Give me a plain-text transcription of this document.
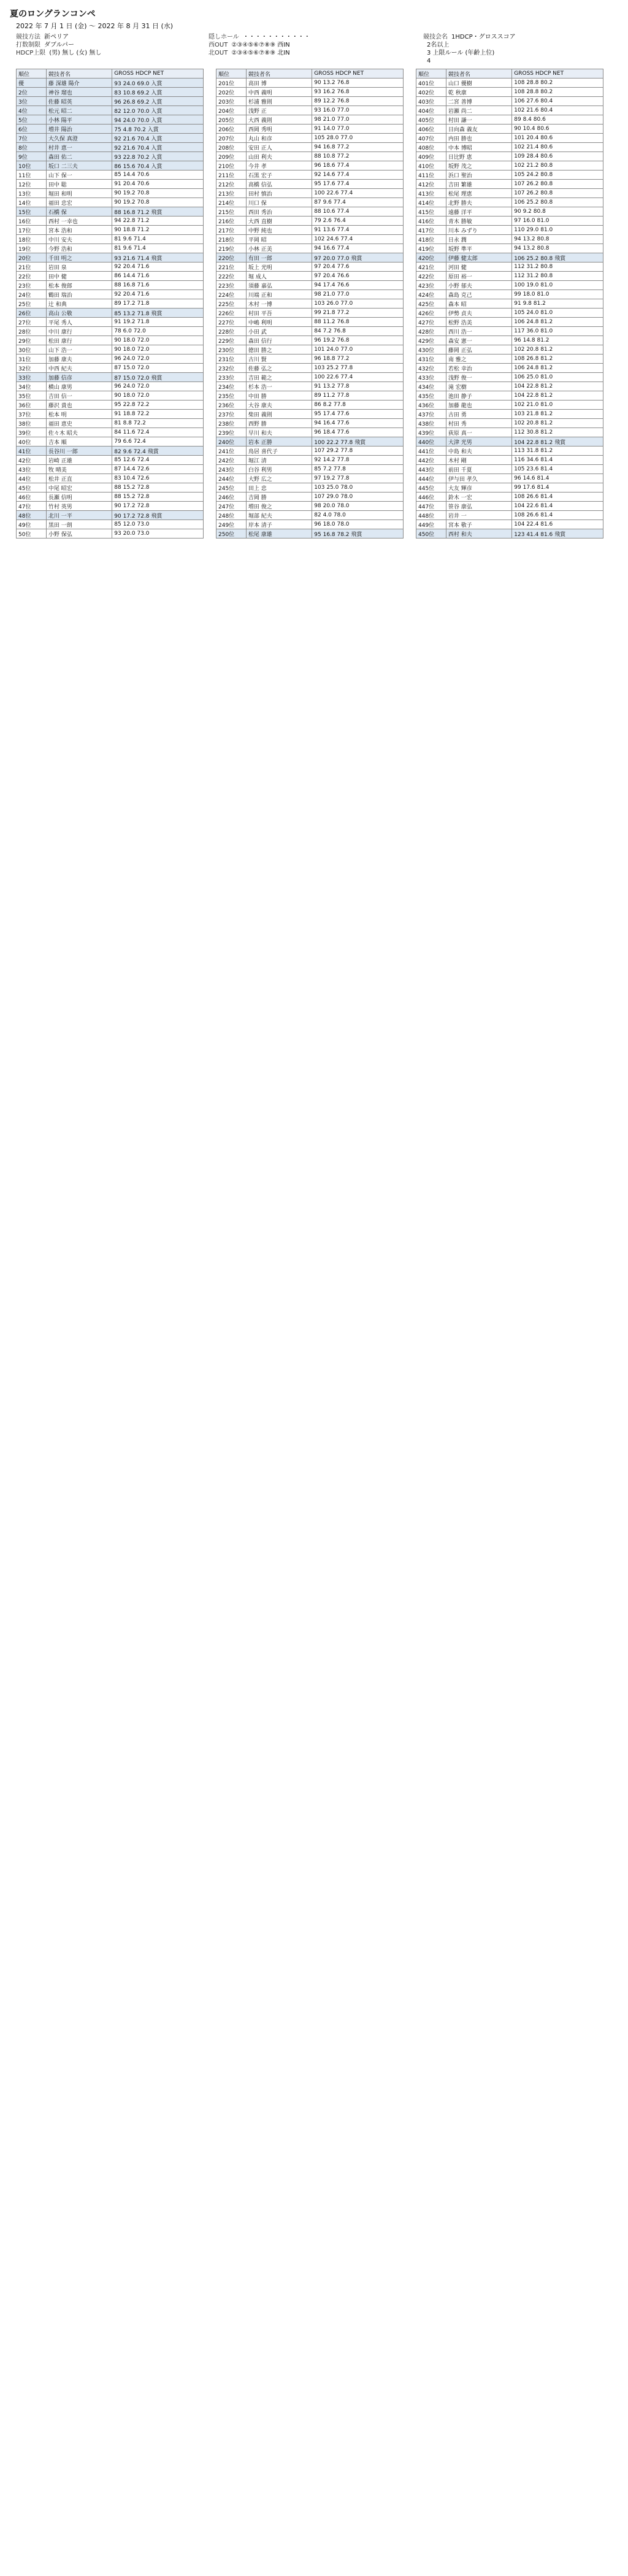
夏のロングランコンペ
2022 年 7 月 1 日 (金) 〜 2022 年 8 月 31 日 (水)
競技方法 新ペリア
打数制限 ダブルパー
HDCP上限 (男) 無し (女) 無し
隠しホール ・・・・・・・・・・・
西OUT ②③④⑤⑥⑦⑧⑨ 西IN
北OUT ②③④⑤⑥⑦⑧⑨ 北IN
競技会名 1HDCP・グロススコア
2名以上
3 上限ルール (年齢上位)
4
順位	競技者名	GROSS HDCP NET
優	藤 深雄 陽介	93 24.0 69.0 入賞
2位	神谷 瑠也	83 10.8 69.2 入賞
3位	佐藤 昭英	96 26.8 69.2 入賞
4位	松元 昭二	82 12.0 70.0 入賞
5位	小林 陽平	94 24.0 70.0 入賞
6位	増井 陽治	75 4.8 70.2 入賞
7位	大久保 真澄	92 21.6 70.4 入賞
8位	村井 恵一	92 21.6 70.4 入賞
9位	森田 佑二	93 22.8 70.2 入賞
10位	坂口 二三夫	86 15.6 70.4 入賞
11位	山下 保一	85 14.4 70.6
12位	田中 聡	91 20.4 70.6
13位	堀田 和明	90 19.2 70.8
14位	福田 忠宏	90 19.2 70.8
15位	石橋 保	88 16.8 71.2 飛賞
16位	西村 一幸也	94 22.8 71.2
17位	宮本 浩和	90 18.8 71.2
18位	中川 安夫	81 9.6 71.4
19位	今野 浩和	81 9.6 71.4
20位	千田 明之	93 21.6 71.4 飛賞
21位	岩田 泉	92 20.4 71.6
22位	田中 健	86 14.4 71.6
23位	松本 俊郎	88 16.8 71.6
24位	鶴田 瑞治	92 20.4 71.6
25位	辻 和典	89 17.2 71.8
26位	高山 公敬	85 13.2 71.8 飛賞
27位	平尾 秀人	91 19.2 71.8
28位	中川 康行	78 6.0 72.0
29位	松田 康行	90 18.0 72.0
30位	山下 浩一	90 18.0 72.0
31位	加藤 康夫	96 24.0 72.0
32位	中西 紀夫	87 15.0 72.0
33位	加藤 信彦	87 15.0 72.0 飛賞
34位	横山 康男	96 24.0 72.0
35位	吉田 信一	90 18.0 72.0
36位	藤沢 貴也	95 22.8 72.2
37位	松本 明	91 18.8 72.2
38位	福田 恵史	81 8.8 72.2
39位	佐々木 昭夫	84 11.6 72.4
40位	吉本 順	79 6.6 72.4
41位	長谷川 一郎	82 9.6 72.4 飛賞
42位	岩崎 正雄	85 12.6 72.4
43位	牧 晴美	87 14.4 72.6
44位	松井 正直	83 10.4 72.6
45位	中尾 昭宏	88 15.2 72.8
46位	長瀬 信明	88 15.2 72.8
47位	竹村 英男	90 17.2 72.8
48位	北川 一平	90 17.2 72.8 飛賞
49位	黒田 一朗	85 12.0 73.0
50位	小野 保弘	93 20.0 73.0
順位	競技者名	GROSS HDCP NET
201位	高田 博	90 13.2 76.8
202位	中西 義明	93 16.2 76.8
203位	杉浦 雅則	89 12.2 76.8
204位	浅野 正	93 16.0 77.0
205位	大西 義則	98 21.0 77.0
206位	西岡 秀明	91 14.0 77.0
207位	丸山 和彦	105 28.0 77.0
208位	安田 正人	94 16.8 77.2
209位	山田 利夫	88 10.8 77.2
210位	今井 孝	96 18.6 77.4
211位	石黒 宏子	92 14.6 77.4
212位	高橋 信弘	95 17.6 77.4
213位	田村 慎治	100 22.6 77.4
214位	川口 保	87 9.6 77.4
215位	西田 秀治	88 10.6 77.4
216位	大西 直樹	79 2.6 76.4
217位	中野 純也	91 13.6 77.4
218位	平岡 昭	102 24.6 77.4
219位	小林 正美	94 16.6 77.4
220位	有田 一郎	97 20.0 77.0 飛賞
221位	坂上 光明	97 20.4 77.6
222位	堀 成人	97 20.4 76.6
223位	須藤 嘉弘	94 17.4 76.6
224位	川端 正和	98 21.0 77.0
225位	木村 一博	103 26.0 77.0
226位	村田 平吾	99 21.8 77.2
227位	中嶋 利明	88 11.2 76.8
228位	小田 武	84 7.2 76.8
229位	森田 信行	96 19.2 76.8
230位	徳田 勝之	101 24.0 77.0
231位	古川 賢	96 18.8 77.2
232位	佐藤 弘之	103 25.2 77.8
233位	吉田 範之	100 22.6 77.4
234位	杉本 浩一	91 13.2 77.8
235位	中田 勝	89 11.2 77.8
236位	大谷 康夫	86 8.2 77.8
237位	柴田 義則	95 17.4 77.6
238位	西野 勝	94 16.4 77.6
239位	早川 和夫	96 18.4 77.6
240位	岩本 正勝	100 22.2 77.8 飛賞
241位	鳥居 喜代子	107 29.2 77.8
242位	堀江 清	92 14.2 77.8
243位	白谷 利男	85 7.2 77.8
244位	大野 広之	97 19.2 77.8
245位	田上 忠	103 25.0 78.0
246位	吉岡 勝	107 29.0 78.0
247位	増田 俊之	98 20.0 78.0
248位	堀部 紀夫	82 4.0 78.0
249位	岸本 清子	96 18.0 78.0
250位	松尾 康雄	95 16.8 78.2 飛賞
順位	競技者名	GROSS HDCP NET
401位	山口 優樹	108 28.8 80.2
402位	乾 秋康	108 28.8 80.2
403位	二宮 善博	106 27.6 80.4
404位	岩瀬 尚二	102 21.6 80.4
405位	村田 謙一	89 8.4 80.6
406位	日向森 義友	90 10.4 80.6
407位	内田 勝也	101 20.4 80.6
408位	中本 博昭	102 21.4 80.6
409位	日比野 恵	109 28.4 80.6
410位	坂野 茂之	102 21.2 80.8
411位	浜口 聖治	105 24.2 80.8
412位	吉田 繁雄	107 26.2 80.8
413位	松尾 理恵	107 26.2 80.8
414位	北野 勝夫	106 25.2 80.8
415位	遠藤 洋平	90 9.2 80.8
416位	青木 勝敏	97 16.0 81.0
417位	川本 みずり	110 29.0 81.0
418位	日永 潤	94 13.2 80.8
419位	坂野 準平	94 13.2 80.8
420位	伊藤 健太郎	106 25.2 80.8 飛賞
421位	河田 健	112 31.2 80.8
422位	原田 裕一	112 31.2 80.8
423位	小野 郁夫	100 19.0 81.0
424位	森島 克己	99 18.0 81.0
425位	森本 昭	91 9.8 81.2
426位	伊勢 貞夫	105 24.0 81.0
427位	松野 浩美	106 24.8 81.2
428位	西川 浩一	117 36.0 81.0
429位	森安 憲一	96 14.8 81.2
430位	藤岡 正弘	102 20.8 81.2
431位	南 雅之	108 26.8 81.2
432位	若松 幸治	106 24.8 81.2
433位	浅野 俊一	106 25.0 81.0
434位	滝 宏樹	104 22.8 81.2
435位	池田 静子	104 22.8 81.2
436位	加藤 龍也	102 21.0 81.0
437位	古田 勇	103 21.8 81.2
438位	村田 秀	102 20.8 81.2
439位	荻原 真一	112 30.8 81.2
440位	大津 光男	104 22.8 81.2 飛賞
441位	中島 和夫	113 31.8 81.2
442位	木村 剛	116 34.6 81.4
443位	前田 千夏	105 23.6 81.4
444位	伊与田 孝久	96 14.6 81.4
445位	大友 輝彦	99 17.6 81.4
446位	鈴木 一宏	108 26.6 81.4
447位	笹谷 康弘	104 22.6 81.4
448位	岩井 一	108 26.6 81.4
449位	宮本 敬子	104 22.4 81.6
450位	西村 和夫	123 41.4 81.6 飛賞
